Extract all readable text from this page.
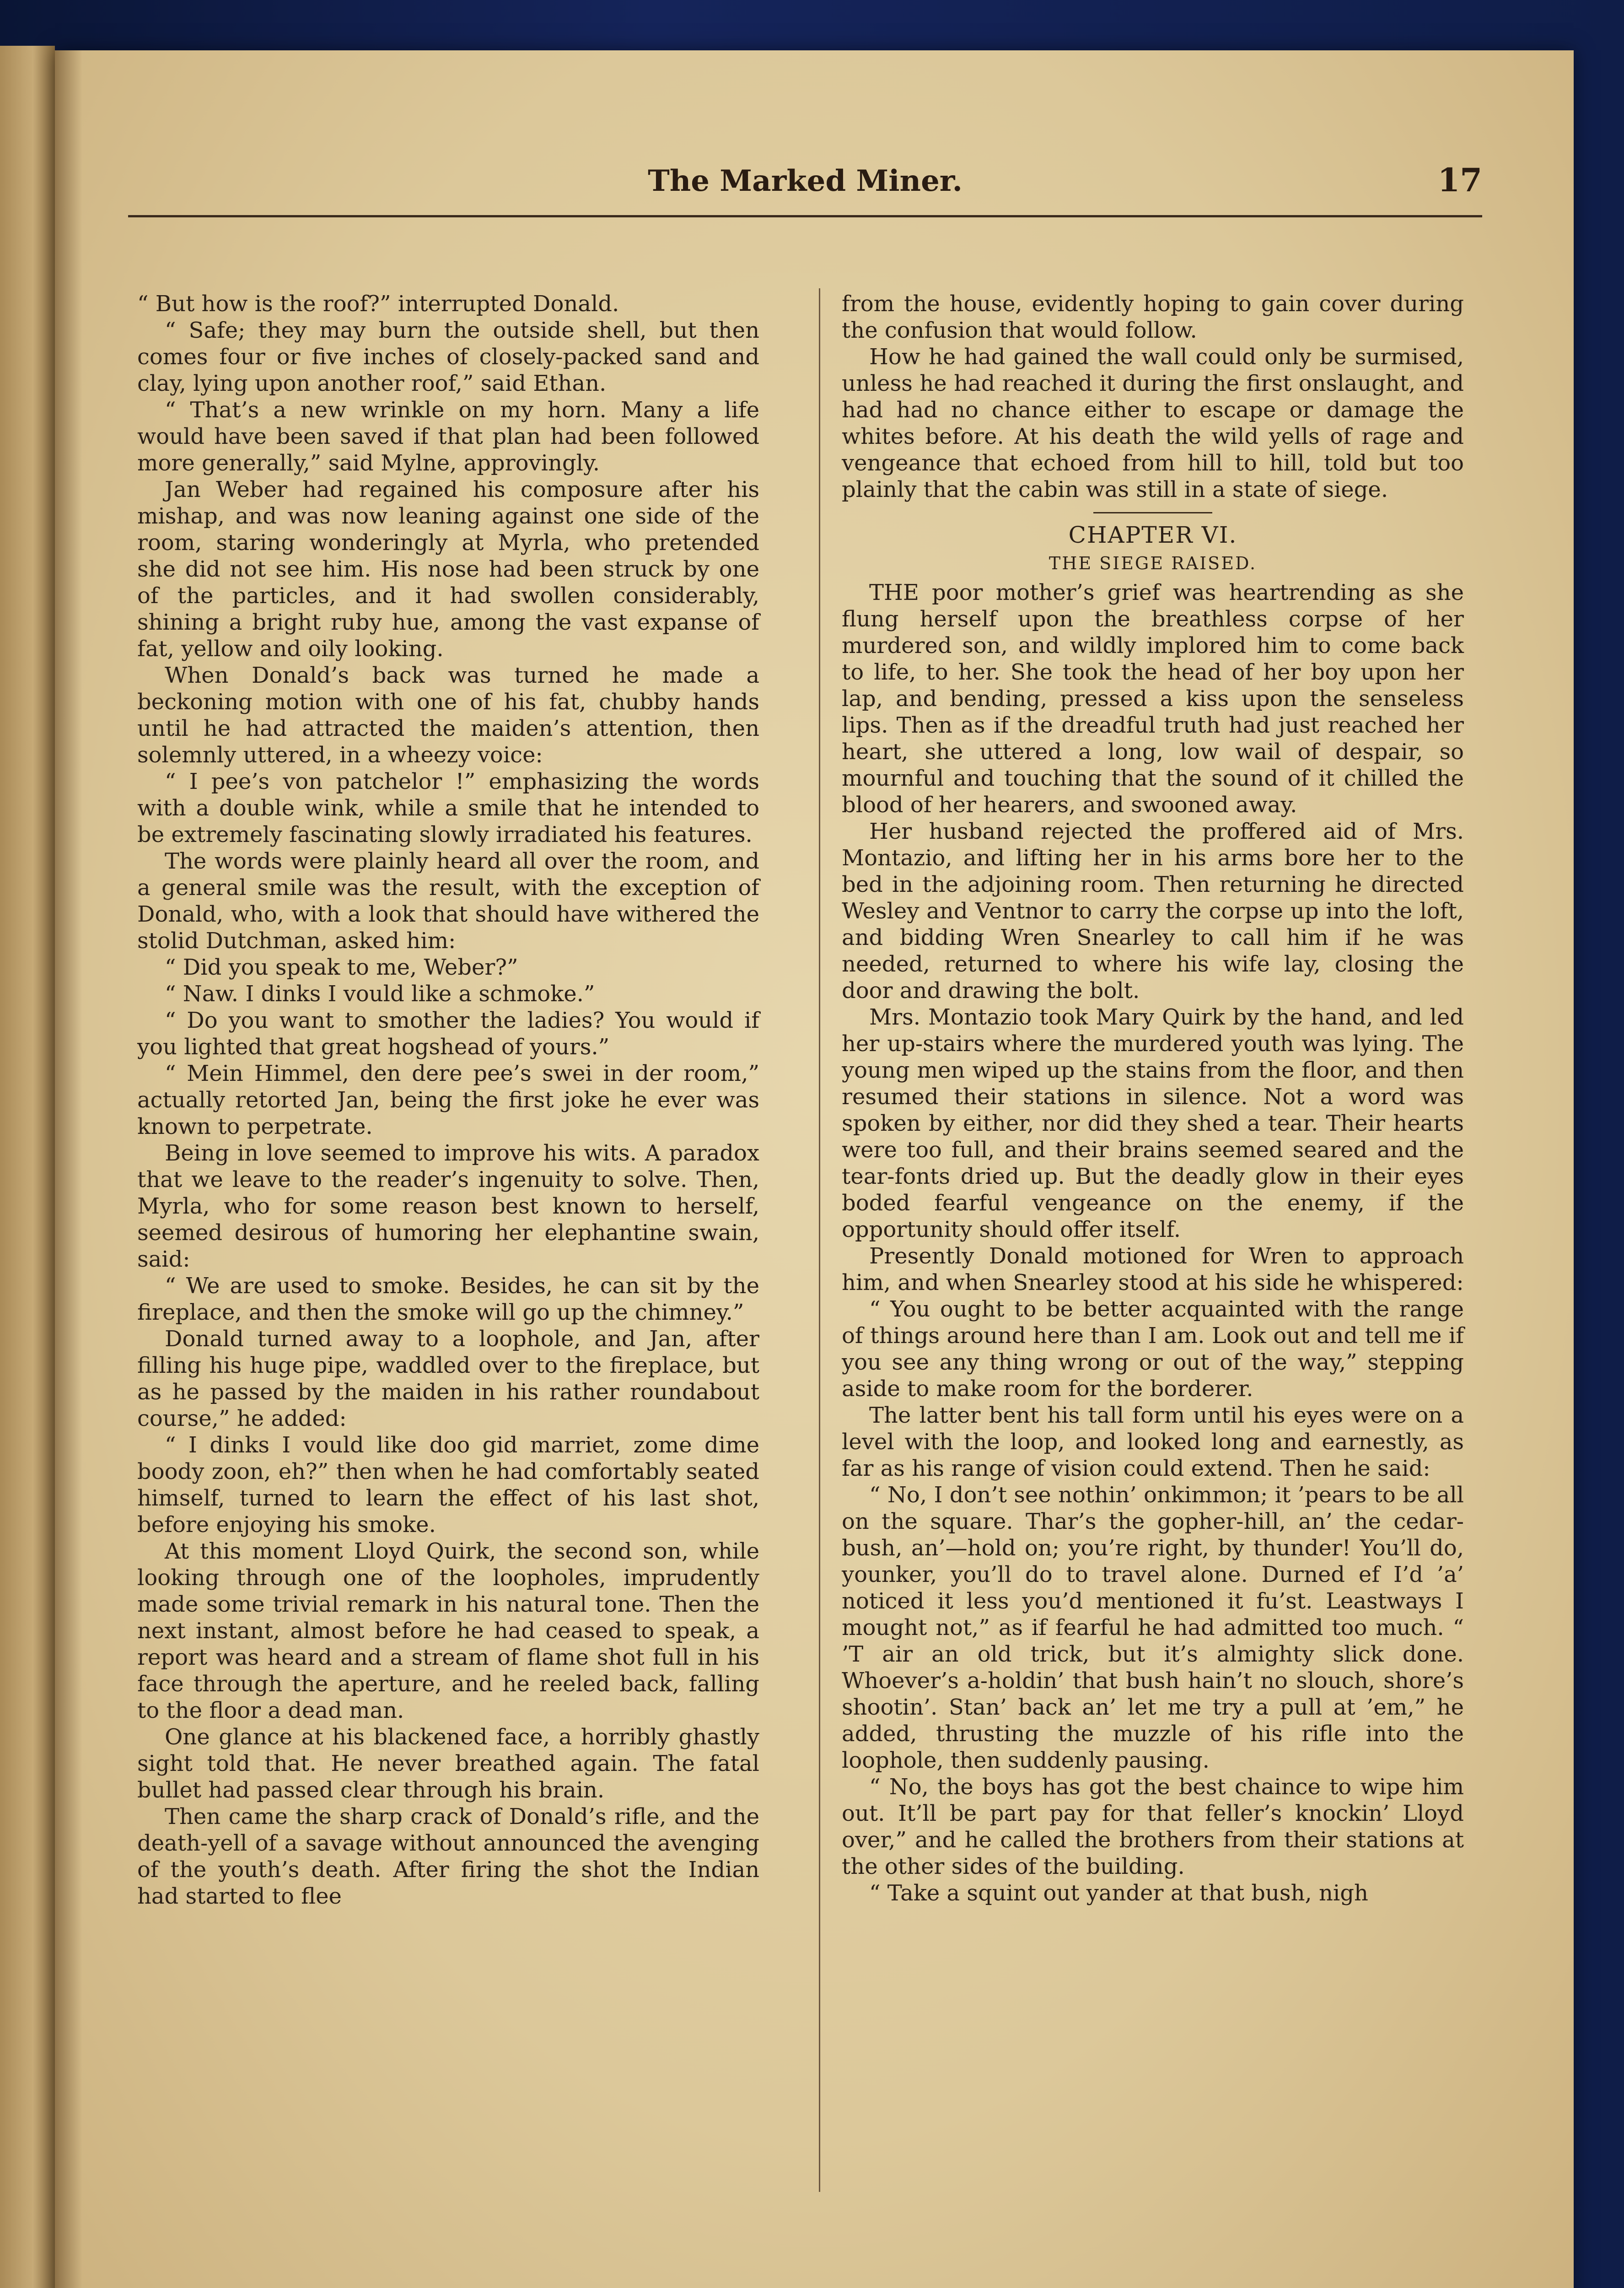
The Marked Miner.	17

“ But how is the roof?” interrupted Donald.

“ Safe; they may burn the outside shell, but then comes four or five inches of closely-packed sand and clay, lying upon another roof,” said Ethan.

“ That’s a new wrinkle on my horn. Many a life would have been saved if that plan had been followed more generally,” said Mylne, approvingly.

Jan Weber had regained his composure after his mishap, and was now leaning against one side of the room, staring wonderingly at Myrla, who pretended she did not see him. His nose had been struck by one of the particles, and it had swollen considerably, shining a bright ruby hue, among the vast expanse of fat, yellow and oily looking.

When Donald’s back was turned he made a beckoning motion with one of his fat, chubby hands until he had attracted the maiden’s attention, then solemnly uttered, in a wheezy voice:

“ I pee’s von patchelor !” emphasizing the words with a double wink, while a smile that he intended to be extremely fascinating slowly irradiated his features.

The words were plainly heard all over the room, and a general smile was the result, with the exception of Donald, who, with a look that should have withered the stolid Dutchman, asked him:

“ Did you speak to me, Weber?”

“ Naw. I dinks I vould like a schmoke.”

“ Do you want to smother the ladies? You would if you lighted that great hogshead of yours.”

“ Mein Himmel, den dere pee’s swei in der room,” actually retorted Jan, being the first joke he ever was known to perpetrate.

Being in love seemed to improve his wits. A paradox that we leave to the reader’s ingenuity to solve. Then, Myrla, who for some reason best known to herself, seemed desirous of humoring her elephantine swain, said:

“ We are used to smoke. Besides, he can sit by the fireplace, and then the smoke will go up the chimney.”

Donald turned away to a loophole, and Jan, after filling his huge pipe, waddled over to the fireplace, but as he passed by the maiden in his rather roundabout course,” he added:

“ I dinks I vould like doo gid marriet, zome dime boody zoon, eh?” then when he had comfortably seated himself, turned to learn the effect of his last shot, before enjoying his smoke.

At this moment Lloyd Quirk, the second son, while looking through one of the loopholes, imprudently made some trivial remark in his natural tone. Then the next instant, almost before he had ceased to speak, a report was heard and a stream of flame shot full in his face through the aperture, and he reeled back, falling to the floor a dead man.

One glance at his blackened face, a horribly ghastly sight told that. He never breathed again. The fatal bullet had passed clear through his brain.

Then came the sharp crack of Donald’s rifle, and the death-yell of a savage without announced the avenging of the youth’s death. After firing the shot the Indian had started to flee

from the house, evidently hoping to gain cover during the confusion that would follow.

How he had gained the wall could only be surmised, unless he had reached it during the first onslaught, and had had no chance either to escape or damage the whites before. At his death the wild yells of rage and vengeance that echoed from hill to hill, told but too plainly that the cabin was still in a state of siege.

CHAPTER VI.

THE SIEGE RAISED.

THE poor mother’s grief was heartrending as she flung herself upon the breathless corpse of her murdered son, and wildly implored him to come back to life, to her. She took the head of her boy upon her lap, and bending, pressed a kiss upon the senseless lips. Then as if the dreadful truth had just reached her heart, she uttered a long, low wail of despair, so mournful and touching that the sound of it chilled the blood of her hearers, and swooned away.

Her husband rejected the proffered aid of Mrs. Montazio, and lifting her in his arms bore her to the bed in the adjoining room. Then returning he directed Wesley and Ventnor to carry the corpse up into the loft, and bidding Wren Snearley to call him if he was needed, returned to where his wife lay, closing the door and drawing the bolt.

Mrs. Montazio took Mary Quirk by the hand, and led her up-stairs where the murdered youth was lying. The young men wiped up the stains from the floor, and then resumed their stations in silence. Not a word was spoken by either, nor did they shed a tear. Their hearts were too full, and their brains seemed seared and the tear-fonts dried up. But the deadly glow in their eyes boded fearful vengeance on the enemy, if the opportunity should offer itself.

Presently Donald motioned for Wren to approach him, and when Snearley stood at his side he whispered:

“ You ought to be better acquainted with the range of things around here than I am. Look out and tell me if you see any thing wrong or out of the way,” stepping aside to make room for the borderer.

The latter bent his tall form until his eyes were on a level with the loop, and looked long and earnestly, as far as his range of vision could extend. Then he said:

“ No, I don’t see nothin’ onkimmon; it ’pears to be all on the square. Thar’s the gopher-hill, an’ the cedar-bush, an’—hold on; you’re right, by thunder! You’ll do, younker, you’ll do to travel alone. Durned ef I’d ’a’ noticed it less you’d mentioned it fu’st. Leastways I mought not,” as if fearful he had admitted too much. “ ’T air an old trick, but it’s almighty slick done. Whoever’s a-holdin’ that bush hain’t no slouch, shore’s shootin’. Stan’ back an’ let me try a pull at ’em,” he added, thrusting the muzzle of his rifle into the loophole, then suddenly pausing.

“ No, the boys has got the best chaince to wipe him out. It’ll be part pay for that feller’s knockin’ Lloyd over,” and he called the brothers from their stations at the other sides of the building.

“ Take a squint out yander at that bush, nigh
